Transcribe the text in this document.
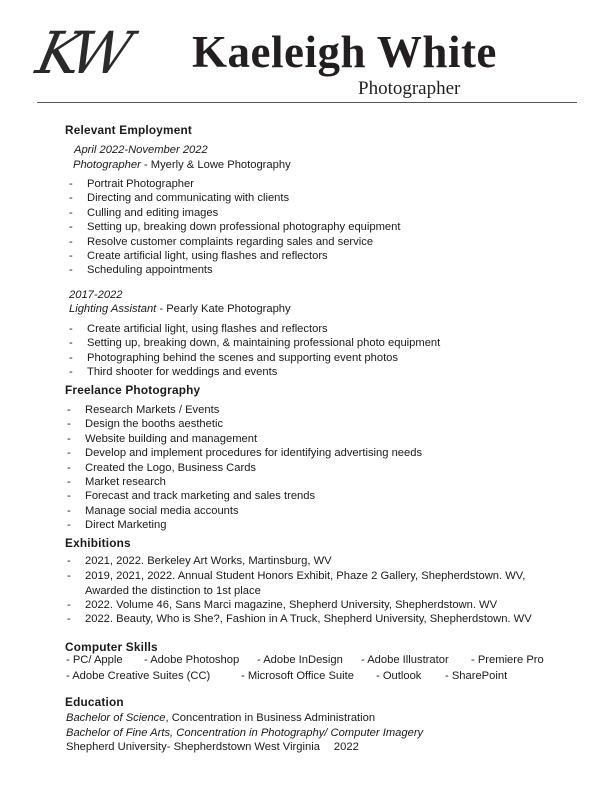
KW Kaeleigh White
Photographer
Relevant Employment
April 2022-November 2022
Photographer - Myerly & Lowe Photography
- Portrait Photographer
- Directing and communicating with clients
- Culling and editing images
- Setting up, breaking down professional photography equipment
- Resolve customer complaints regarding sales and service
- Create artificial light, using flashes and reflectors
- Scheduling appointments
2017-2022
Lighting Assistant - Pearly Kate Photography
- Create artificial light, using flashes and reflectors
- Setting up, breaking down, & maintaining professional photo equipment
- Photographing behind the scenes and supporting event photos
- Third shooter for weddings and events
Freelance Photography
- Research Markets / Events
- Design the booths aesthetic
- Website building and management
- Develop and implement procedures for identifying advertising needs
- Created the Logo, Business Cards
- Market research
- Forecast and track marketing and sales trends
- Manage social media accounts
- Direct Marketing
Exhibitions
- 2021, 2022. Berkeley Art Works, Martinsburg, WV
- 2019, 2021, 2022. Annual Student Honors Exhibit, Phaze 2 Gallery, Shepherdstown. WV,
Awarded the distinction to 1st place
- 2022. Volume 46, Sans Marci magazine, Shepherd University, Shepherdstown. WV
- 2022. Beauty, Who is She?, Fashion in A Truck, Shepherd University, Shepherdstown. WV
Computer Skills
- PC/ Apple - Adobe Photoshop - Adobe InDesign - Adobe Illustrator - Premiere Pro
- Adobe Creative Suites (CC)	- Microsoft Office Suite - Outlook - SharePoint
Education
Bachelor of Science, Concentration in Business Administration
Bachelor of Fine Arts, Concentration in Photography/ Computer Imagery
Shepherd University- Shepherdstown West Virginia 2022
